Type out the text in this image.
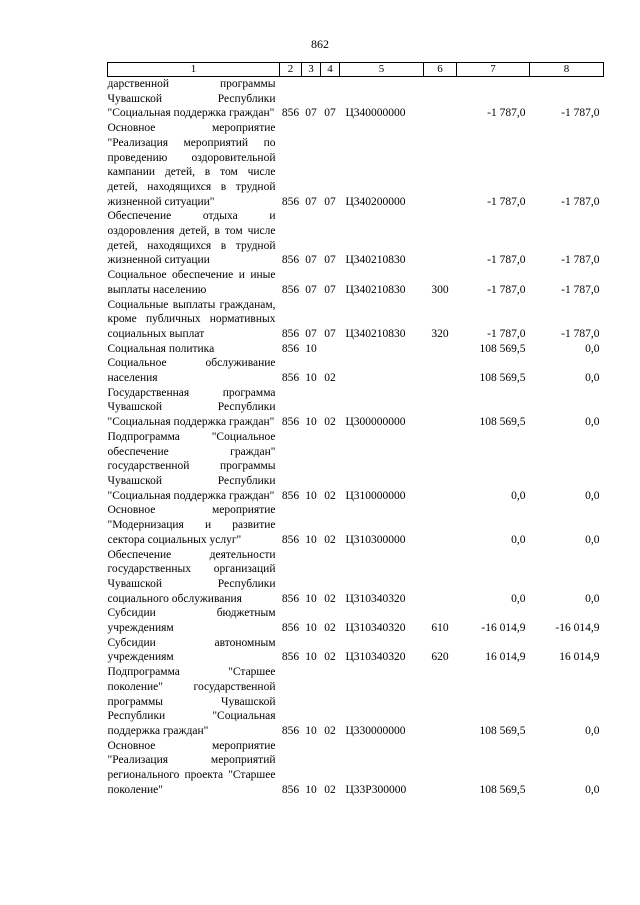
862
1	2	3	4	5	6	7	8
дарственной программы Чувашской Республики "Социальная поддержка граждан"	856	07	07	Ц340000000		-1 787,0	-1 787,0
Основное мероприятие "Реализация мероприятий по проведению оздоровительной кампании детей, в том числе детей, находящихся в трудной жизненной ситуации"	856	07	07	Ц340200000		-1 787,0	-1 787,0
Обеспечение отдыха и оздоровления детей, в том числе детей, находящихся в трудной жизненной ситуации	856	07	07	Ц340210830		-1 787,0	-1 787,0
Социальное обеспечение и иные выплаты населению	856	07	07	Ц340210830	300	-1 787,0	-1 787,0
Социальные выплаты гражданам, кроме публичных нормативных социальных выплат	856	07	07	Ц340210830	320	-1 787,0	-1 787,0
Социальная политика	856	10				108 569,5	0,0
Социальное обслуживание населения	856	10	02			108 569,5	0,0
Государственная программа Чувашской Республики "Социальная поддержка граждан"	856	10	02	Ц300000000		108 569,5	0,0
Подпрограмма "Социальное обеспечение граждан" государственной программы Чувашской Республики "Социальная поддержка граждан"	856	10	02	Ц310000000		0,0	0,0
Основное мероприятие "Модернизация и развитие сектора социальных услуг"	856	10	02	Ц310300000		0,0	0,0
Обеспечение деятельности государственных организаций Чувашской Республики социального обслуживания	856	10	02	Ц310340320		0,0	0,0
Субсидии бюджетным учреждениям	856	10	02	Ц310340320	610	-16 014,9	-16 014,9
Субсидии автономным учреждениям	856	10	02	Ц310340320	620	16 014,9	16 014,9
Подпрограмма "Старшее поколение" государственной программы Чувашской Республики "Социальная поддержка граждан"	856	10	02	Ц330000000		108 569,5	0,0
Основное мероприятие "Реализация мероприятий регионального проекта "Старшее поколение"	856	10	02	Ц33Р300000		108 569,5	0,0
